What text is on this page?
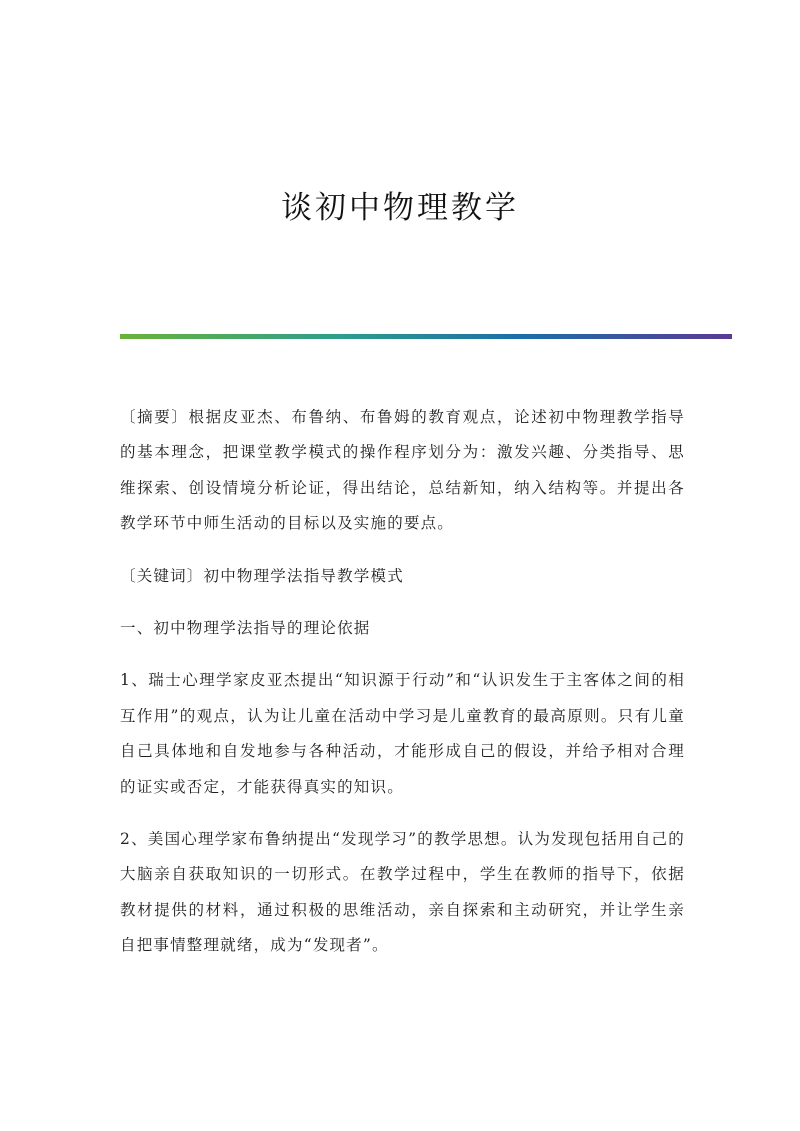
谈初中物理教学

〔摘要〕根据皮亚杰、布鲁纳、布鲁姆的教育观点，论述初中物理教学指导的基本理念，把课堂教学模式的操作程序划分为：激发兴趣、分类指导、思维探索、创设情境分析论证，得出结论，总结新知，纳入结构等。并提出各教学环节中师生活动的目标以及实施的要点。

〔关键词〕初中物理学法指导教学模式

一、初中物理学法指导的理论依据

1、瑞士心理学家皮亚杰提出“知识源于行动”和“认识发生于主客体之间的相互作用”的观点，认为让儿童在活动中学习是儿童教育的最高原则。只有儿童自己具体地和自发地参与各种活动，才能形成自己的假设，并给予相对合理的证实或否定，才能获得真实的知识。

2、美国心理学家布鲁纳提出“发现学习”的教学思想。认为发现包括用自己的大脑亲自获取知识的一切形式。在教学过程中，学生在教师的指导下，依据教材提供的材料，通过积极的思维活动，亲自探索和主动研究，并让学生亲自把事情整理就绪，成为“发现者”。
